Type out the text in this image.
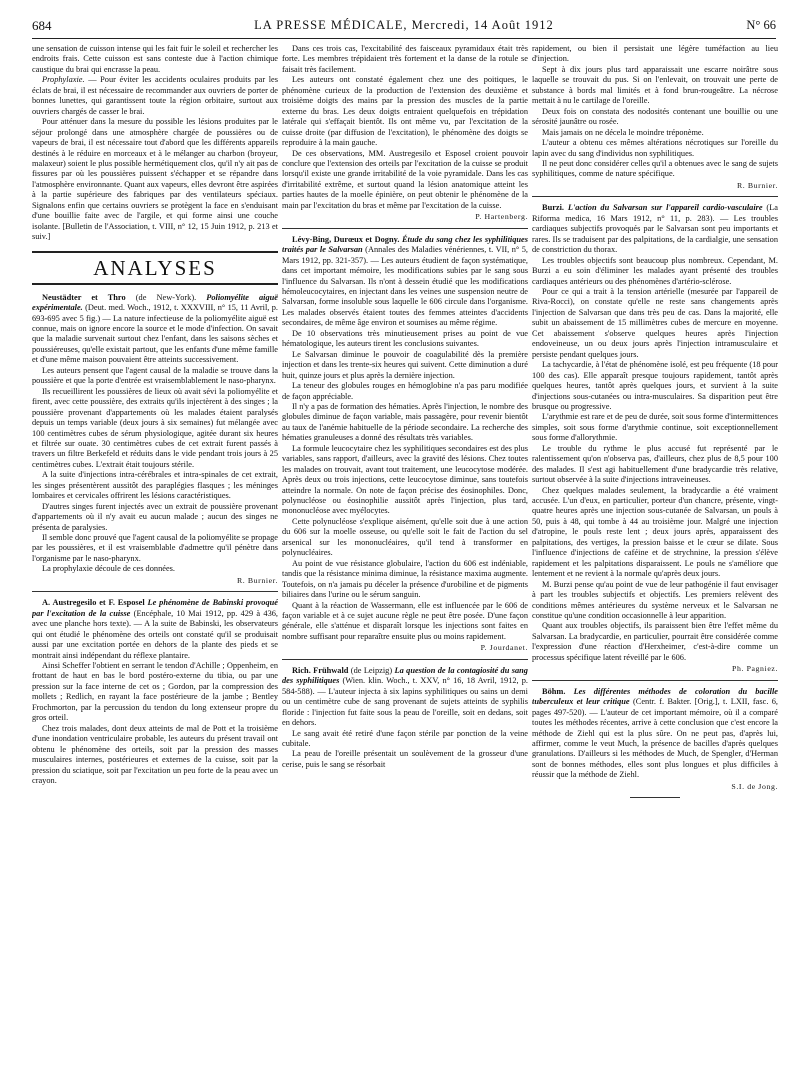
684	LA PRESSE MÉDICALE, Mercredi, 14 Août 1912	N° 66

une sensation de cuisson intense qui les fait fuir le soleil et rechercher les endroits frais. Cette cuisson est sans conteste due à l'action chimique caustique du brai qui encrasse la peau.

Prophylaxie. — Pour éviter les accidents oculaires produits par les éclats de brai, il est nécessaire de recommander aux ouvriers de porter de bonnes lunettes, qui garantissent toute la région orbitaire, surtout aux ouvriers chargés de casser le brai.

Pour atténuer dans la mesure du possible les lésions produites par le séjour prolongé dans une atmosphère chargée de poussières ou de vapeurs de brai, il est nécessaire tout d'abord que les différents appareils destinés à le réduire en morceaux et à le mélanger au charbon (broyeur, malaxeur) soient le plus possible hermétiquement clos, qu'il n'y ait pas de fissures par où les poussières puissent s'échapper et se répandre dans l'atmosphère environnante. Quant aux vapeurs, elles devront être aspirées à la partie supérieure des fabriques par des ventilateurs spéciaux. Signalons enfin que certains ouvriers se protègent la face en s'enduisant d'une bouillie faite avec de l'argile, et qui forme ainsi une couche isolante. [Bulletin de l'Association, t. VIII, n° 12, 15 Juin 1912, p. 213 et suiv.]

ANALYSES

Neustädter et Thro (de New-York). Poliomyélite aiguë expérimentale. (Deut. med. Woch., 1912, t. XXXVIII, n° 15, 11 Avril, p. 693-695 avec 5 fig.) — La nature infectieuse de la poliomyélite aiguë est connue, mais on ignore encore la source et le mode d'infection. On savait que la maladie survenait surtout chez l'enfant, dans les saisons sèches et poussiéreuses, qu'elle existait partout, que les enfants d'une même famille et d'une même maison pouvaient être atteints successivement.

Les auteurs pensent que l'agent causal de la maladie se trouve dans la poussière et que la porte d'entrée est vraisemblablement le naso-pharynx.

Ils recueillirent les poussières de lieux où avait sévi la poliomyélite et firent, avec cette poussière, des extraits qu'ils injectèrent à des singes ; la poussière provenant d'appartements où les malades étaient paralysés depuis un temps variable (deux jours à six semaines) fut mélangée avec 100 centimètres cubes de sérum physiologique, agitée durant six heures et filtrée sur ouate. 30 centimètres cubes de cet extrait furent passés à travers un filtre Berkefeld et réduits dans le vide pendant trois jours à 25 centimètres cubes. L'extrait était toujours stérile.

A la suite d'injections intra-cérébrales et intra-spinales de cet extrait, les singes présentèrent aussitôt des paraplégies flasques ; les méninges lombaires et cervicales offrirent les lésions caractéristiques.

D'autres singes furent injectés avec un extrait de poussière provenant d'appartements où il n'y avait eu aucun malade ; aucun des singes ne présenta de paralysies.

Il semble donc prouvé que l'agent causal de la poliomyélite se propage par les poussières, et il est vraisemblable d'admettre qu'il pénètre dans l'organisme par le naso-pharynx.

La prophylaxie découle de ces données.

R. Burnier.

A. Austregesilo et F. Esposel Le phénomène de Babinski provoqué par l'excitation de la cuisse (Encéphale, 10 Mai 1912, pp. 429 à 436, avec une planche hors texte). — A la suite de Babinski, les observateurs qui ont étudié le phénomène des orteils ont constaté qu'il se produisait aussi par une excitation portée en dehors de la plante des pieds et se montrait ainsi indépendant du réflexe plantaire.

Ainsi Scheffer l'obtient en serrant le tendon d'Achille ; Oppenheim, en frottant de haut en bas le bord postéro-externe du tibia, ou par une pression sur la face interne de cet os ; Gordon, par la compression des mollets ; Redlich, en rayant la face postérieure de la jambe ; Bentley Frochmorton, par la percussion du tendon du long extenseur propre du gros orteil.

Chez trois malades, dont deux atteints de mal de Pott et la troisième d'une inondation ventriculaire probable, les auteurs du présent travail ont obtenu le phénomène des orteils, soit par la pression des masses musculaires internes, postérieures et externes de la cuisse, soit par la pression du sciatique, soit par l'excitation un peu forte de la peau avec un crayon.

Dans ces trois cas, l'excitabilité des faisceaux pyramidaux était très forte. Les membres trépidaient très fortement et la danse de la rotule se faisait très facilement.

Les auteurs ont constaté également chez une des poitiques, le phénomène curieux de la production de l'extension des deuxième et troisième doigts des mains par la pression des muscles de la partie externe du bras. Les deux doigts entraient quelquefois en trépidation latérale qui s'effaçait bientôt. Ils ont même vu, par l'excitation de la cuisse droite (par diffusion de l'excitation), le phénomène des doigts se reproduire à la main gauche.

De ces observations, MM. Austregesilo et Esposel croient pouvoir conclure que l'extension des orteils par l'excitation de la cuisse se produit lorsqu'il existe une grande irritabilité de la voie pyramidale. Dans les cas d'irritabilité extrême, et surtout quand la lésion anatomique atteint les parties hautes de la moelle épinière, on peut obtenir le phénomène de la main par l'excitation du bras et même par l'excitation de la cuisse.

P. Hartenberg.

Lévy-Bing, Durœux et Dogny. Étude du sang chez les syphilitiques traités par le Salvarsan (Annales des Maladies vénériennes, t. VII, n° 5, Mars 1912, pp. 321-357). — Les auteurs étudient de façon systématique, dans cet important mémoire, les modifications subies par le sang sous l'influence du Salvarsan. Ils n'ont à dessein étudié que les modifications hémoleucocytaires, en injectant dans les veines une suspension neutre de Salvarsan, forme insoluble sous laquelle le 606 circule dans l'organisme. Les malades observés étaient toutes des femmes atteintes d'accidents secondaires, de même âge environ et soumises au même régime.

De 10 observations très minutieusement prises au point de vue hématologique, les auteurs tirent les conclusions suivantes.

Le Salvarsan diminue le pouvoir de coagulabilité dès la première injection et dans les trente-six heures qui suivent. Cette diminution a duré huit, quinze jours et plus après la dernière injection.

La teneur des globules rouges en hémoglobine n'a pas paru modifiée de façon appréciable.

Il n'y a pas de formation des hématies. Après l'injection, le nombre des globules diminue de façon variable, mais passagère, pour revenir bientôt au taux de l'anémie habituelle de la période secondaire. La recherche des hématies granuleuses a donné des résultats très variables.

La formule leucocytaire chez les syphilitiques secondaires est des plus variables, sans rapport, d'ailleurs, avec la gravité des lésions. Chez toutes les malades on trouvait, avant tout traitement, une leucocytose modérée. Après deux ou trois injections, cette leucocytose diminue, sans toutefois atteindre la normale. On note de façon précise des éosinophiles. Donc, polynucléose ou éosinophilie aussitôt après l'injection, plus tard, mononucléose avec myélocytes.

Cette polynucléose s'explique aisément, qu'elle soit due à une action du 606 sur la moelle osseuse, ou qu'elle soit le fait de l'action du sel arsenical sur les mononucléaires, qu'il tend à transformer en polynucléaires.

Au point de vue résistance globulaire, l'action du 606 est indéniable, tandis que la résistance minima diminue, la résistance maxima augmente. Toutefois, on n'a jamais pu déceler la présence d'urobiline et de pigments biliaires dans l'urine ou le sérum sanguin.

Quant à la réaction de Wassermann, elle est influencée par le 606 de façon variable et à ce sujet aucune règle ne peut être posée. D'une façon générale, elle s'atténue et disparaît lorsque les injections sont faites en nombre suffisant pour reparaître ensuite plus ou moins rapidement.

P. Jourdanet.

Rich. Frühwald (de Leipzig) La question de la contagiosité du sang des syphilitiques (Wien. klin. Woch., t. XXV, n° 16, 18 Avril, 1912, p. 584-588). — L'auteur injecta à six lapins syphilitiques ou sains un demi ou un centimètre cube de sang provenant de sujets atteints de syphilis floride : l'injection fut faite sous la peau de l'oreille, soit en dedans, soit en dehors.

Le sang avait été retiré d'une façon stérile par ponction de la veine cubitale.

La peau de l'oreille présentait un soulèvement de la grosseur d'une cerise, puis le sang se résorbait

rapidement, ou bien il persistait une légère tuméfaction au lieu d'injection.

Sept à dix jours plus tard apparaissait une escarre noirâtre sous laquelle se trouvait du pus. Si on l'enlevait, on trouvait une perte de substance à bords mal limités et à fond brun-rougeâtre. La nécrose mettait à nu le cartilage de l'oreille.

Deux fois on constata des nodosités contenant une bouillie ou une sérosité jaunâtre ou rosée.

Mais jamais on ne décela le moindre tréponème.

L'auteur a obtenu ces mêmes altérations nécrotiques sur l'oreille du lapin avec du sang d'individus non syphilitiques.

Il ne peut donc considérer celles qu'il a obtenues avec le sang de sujets syphilitiques, comme de nature spécifique.

R. Burnier.

Burzi. L'action du Salvarsan sur l'appareil cardio-vasculaire (La Riforma medica, 16 Mars 1912, n° 11, p. 283). — Les troubles cardiaques subjectifs provoqués par le Salvarsan sont peu importants et rares. Ils se traduisent par des palpitations, de la cardialgie, une sensation de constriction du thorax.

Les troubles objectifs sont beaucoup plus nombreux. Cependant, M. Burzi a eu soin d'éliminer les malades ayant présenté des troubles cardiaques antérieurs ou des phénomènes d'artério-sclérose.

Pour ce qui a trait à la tension artérielle (mesurée par l'appareil de Riva-Rocci), on constate qu'elle ne reste sans changements après l'injection de Salvarsan que dans très peu de cas. Dans la majorité, elle subit un abaissement de 15 millimètres cubes de mercure en moyenne. Cet abaissement s'observe quelques heures après l'injection endoveineuse, un ou deux jours après l'injection intramusculaire et persiste pendant quelques jours.

La tachycardie, à l'état de phénomène isolé, est peu fréquente (18 pour 100 des cas). Elle apparaît presque toujours rapidement, tantôt après quelques heures, tantôt après quelques jours, et survient à la suite d'injections sous-cutanées ou intra-musculaires. Sa disparition peut être brusque ou progressive.

L'arythmie est rare et de peu de durée, soit sous forme d'intermittences simples, soit sous forme d'arythmie continue, soit exceptionnellement sous forme d'allorythmie.

Le trouble du rythme le plus accusé fut représenté par le ralentissement qu'on n'observa pas, d'ailleurs, chez plus de 8,5 pour 100 des malades. Il s'est agi habituellement d'une bradycardie très relative, surtout observée à la suite d'injections intraveineuses.

Chez quelques malades seulement, la bradycardie a été vraiment accusée. L'un d'eux, en particulier, porteur d'un chancre, présente, vingt-quatre heures après une injection sous-cutanée de Salvarsan, un pouls à 50, puis à 48, qui tombe à 44 au troisième jour. Malgré une injection d'atropine, le pouls reste lent ; deux jours après, apparaissent des palpitations, des vertiges, la pression baisse et le cœur se dilate. Sous l'influence d'injections de caféine et de strychnine, la pression s'élève rapidement et les palpitations disparaissent. Le pouls ne s'améliore que lentement et ne revient à la normale qu'après deux jours.

M. Burzi pense qu'au point de vue de leur pathogénie il faut envisager à part les troubles subjectifs et objectifs. Les premiers relèvent des conditions mêmes antérieures du système nerveux et le Salvarsan ne constitue qu'une condition occasionnelle à leur apparition.

Quant aux troubles objectifs, ils paraissent bien être l'effet même du Salvarsan. La bradycardie, en particulier, pourrait être considérée comme l'expression d'une réaction d'Herxheimer, c'est-à-dire comme un processus spécifique latent réveillé par le 606.

Ph. Pagniez.

Böhm. Les différentes méthodes de coloration du bacille tuberculeux et leur critique (Centr. f. Bakter. [Orig.], t. LXII, fasc. 6, pages 497-520). — L'auteur de cet important mémoire, où il a comparé toutes les méthodes récentes, arrive à cette conclusion que c'est encore la méthode de Ziehl qui est la plus sûre. On ne peut pas, d'après lui, affirmer, comme le veut Much, la présence de bacilles d'après quelques granulations. D'ailleurs si les méthodes de Much, de Spengler, d'Herman sont de bonnes méthodes, elles sont plus longues et plus difficiles à réussir que la méthode de Ziehl.

S.I. de Jong.
